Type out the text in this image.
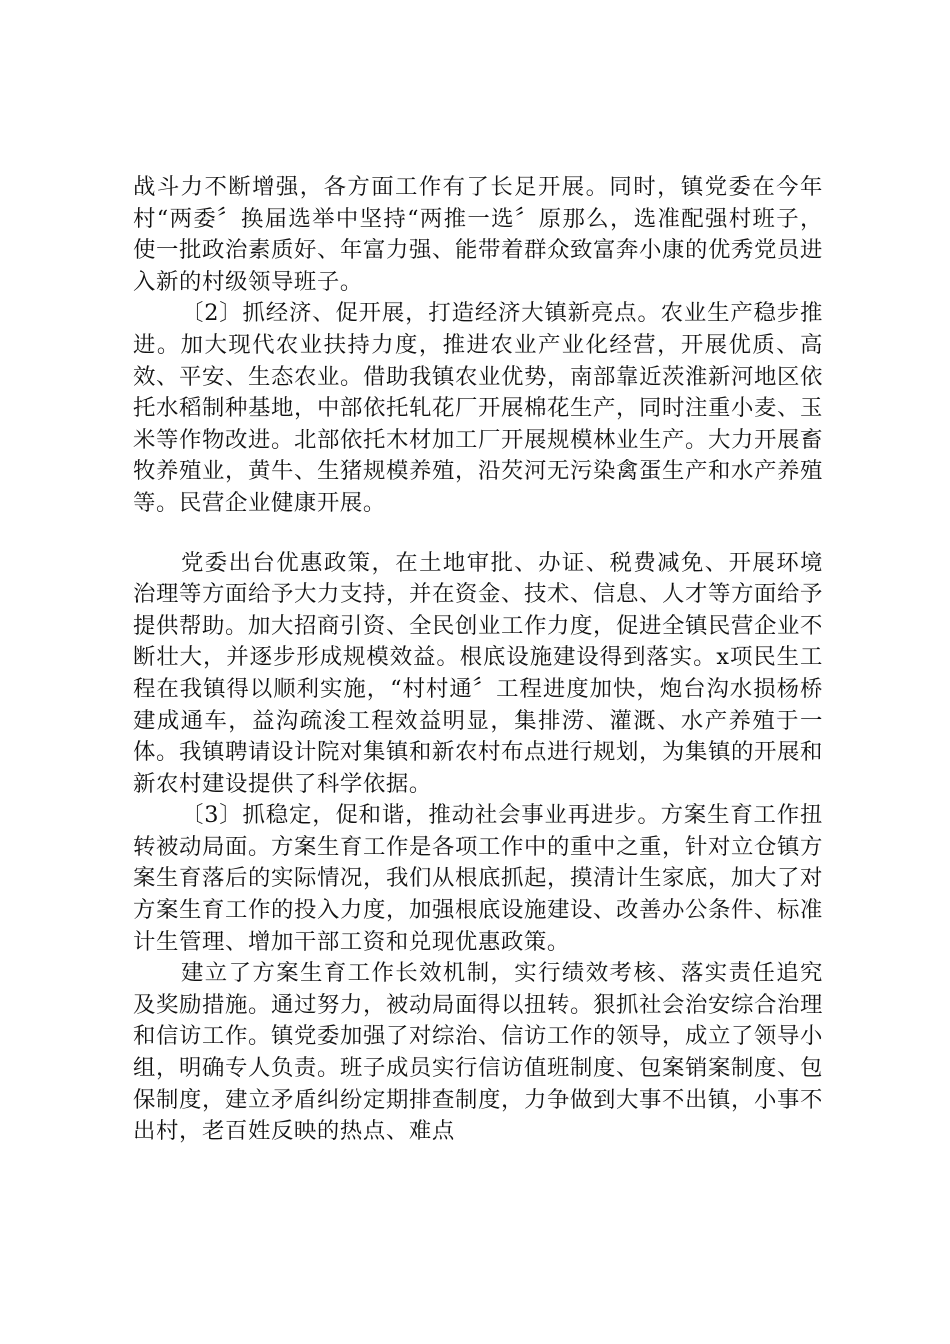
战斗力不断增强，各方面工作有了长足开展。同时，镇党委在今年村“两委〞换届选举中坚持“两推一选〞原那么，选准配强村班子，使一批政治素质好、年富力强、能带着群众致富奔小康的优秀党员进入新的村级领导班子。

〔2〕抓经济、促开展，打造经济大镇新亮点。农业生产稳步推进。加大现代农业扶持力度，推进农业产业化经营，开展优质、高效、平安、生态农业。借助我镇农业优势，南部靠近茨淮新河地区依托水稻制种基地，中部依托轧花厂开展棉花生产，同时注重小麦、玉米等作物改进。北部依托木材加工厂开展规模林业生产。大力开展畜牧养殖业，黄牛、生猪规模养殖，沿芡河无污染禽蛋生产和水产养殖等。民营企业健康开展。

党委出台优惠政策，在土地审批、办证、税费减免、开展环境治理等方面给予大力支持，并在资金、技术、信息、人才等方面给予提供帮助。加大招商引资、全民创业工作力度，促进全镇民营企业不断壮大，并逐步形成规模效益。根底设施建设得到落实。x项民生工程在我镇得以顺利实施，“村村通〞工程进度加快，炮台沟水损杨桥建成通车，益沟疏浚工程效益明显，集排涝、灌溉、水产养殖于一体。我镇聘请设计院对集镇和新农村布点进行规划，为集镇的开展和新农村建设提供了科学依据。

〔3〕抓稳定，促和谐，推动社会事业再进步。方案生育工作扭转被动局面。方案生育工作是各项工作中的重中之重，针对立仓镇方案生育落后的实际情况，我们从根底抓起，摸清计生家底，加大了对方案生育工作的投入力度，加强根底设施建设、改善办公条件、标准计生管理、增加干部工资和兑现优惠政策。

建立了方案生育工作长效机制，实行绩效考核、落实责任追究及奖励措施。通过努力，被动局面得以扭转。狠抓社会治安综合治理和信访工作。镇党委加强了对综治、信访工作的领导，成立了领导小组，明确专人负责。班子成员实行信访值班制度、包案销案制度、包保制度，建立矛盾纠纷定期排查制度，力争做到大事不出镇，小事不出村，老百姓反映的热点、难点
